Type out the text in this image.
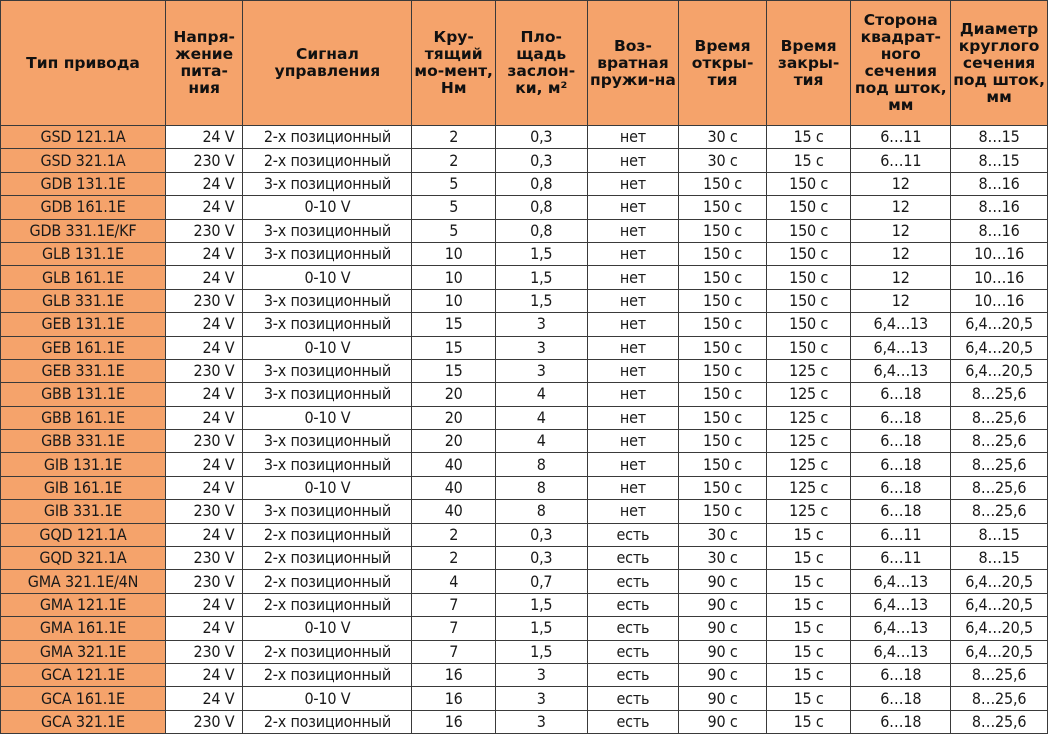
Тип привода	Напря-жение пита-ния	Сигнал управления	Кру-тящий мо-мент, Нм	Пло-щадь заслон-ки, м²	Воз-вратная пружи-на	Время откры-тия	Время закры-тия	Сторона квадрат-ного сечения под шток, мм	Диаметр круглого сечения под шток, мм
GSD 121.1A	24 V	2-х позиционный	2	0,3	нет	30 с	15 с	6…11	8…15
GSD 321.1A	230 V	2-х позиционный	2	0,3	нет	30 с	15 с	6…11	8…15
GDB 131.1E	24 V	3-х позиционный	5	0,8	нет	150 с	150 с	12	8…16
GDB 161.1E	24 V	0-10 V	5	0,8	нет	150 с	150 с	12	8…16
GDB 331.1E/KF	230 V	3-х позиционный	5	0,8	нет	150 с	150 с	12	8…16
GLB 131.1E	24 V	3-х позиционный	10	1,5	нет	150 с	150 с	12	10…16
GLB 161.1E	24 V	0-10 V	10	1,5	нет	150 с	150 с	12	10…16
GLB 331.1E	230 V	3-х позиционный	10	1,5	нет	150 с	150 с	12	10…16
GEB 131.1E	24 V	3-х позиционный	15	3	нет	150 с	150 с	6,4…13	6,4…20,5
GEB 161.1E	24 V	0-10 V	15	3	нет	150 с	150 с	6,4…13	6,4…20,5
GEB 331.1E	230 V	3-х позиционный	15	3	нет	150 с	125 с	6,4…13	6,4…20,5
GBB 131.1E	24 V	3-х позиционный	20	4	нет	150 с	125 с	6…18	8…25,6
GBB 161.1E	24 V	0-10 V	20	4	нет	150 с	125 с	6…18	8…25,6
GBB 331.1E	230 V	3-х позиционный	20	4	нет	150 с	125 с	6…18	8…25,6
GIB 131.1E	24 V	3-х позиционный	40	8	нет	150 с	125 с	6…18	8…25,6
GIB 161.1E	24 V	0-10 V	40	8	нет	150 с	125 с	6…18	8…25,6
GIB 331.1E	230 V	3-х позиционный	40	8	нет	150 с	125 с	6…18	8…25,6
GQD 121.1A	24 V	2-х позиционный	2	0,3	есть	30 с	15 с	6…11	8…15
GQD 321.1A	230 V	2-х позиционный	2	0,3	есть	30 с	15 с	6…11	8…15
GMA 321.1E/4N	230 V	2-х позиционный	4	0,7	есть	90 с	15 с	6,4…13	6,4…20,5
GMA 121.1E	24 V	2-х позиционный	7	1,5	есть	90 с	15 с	6,4…13	6,4…20,5
GMA 161.1E	24 V	0-10 V	7	1,5	есть	90 с	15 с	6,4…13	6,4…20,5
GMA 321.1E	230 V	2-х позиционный	7	1,5	есть	90 с	15 с	6,4…13	6,4…20,5
GCA 121.1E	24 V	2-х позиционный	16	3	есть	90 с	15 с	6…18	8…25,6
GCA 161.1E	24 V	0-10 V	16	3	есть	90 с	15 с	6…18	8…25,6
GCA 321.1E	230 V	2-х позиционный	16	3	есть	90 с	15 с	6…18	8…25,6
